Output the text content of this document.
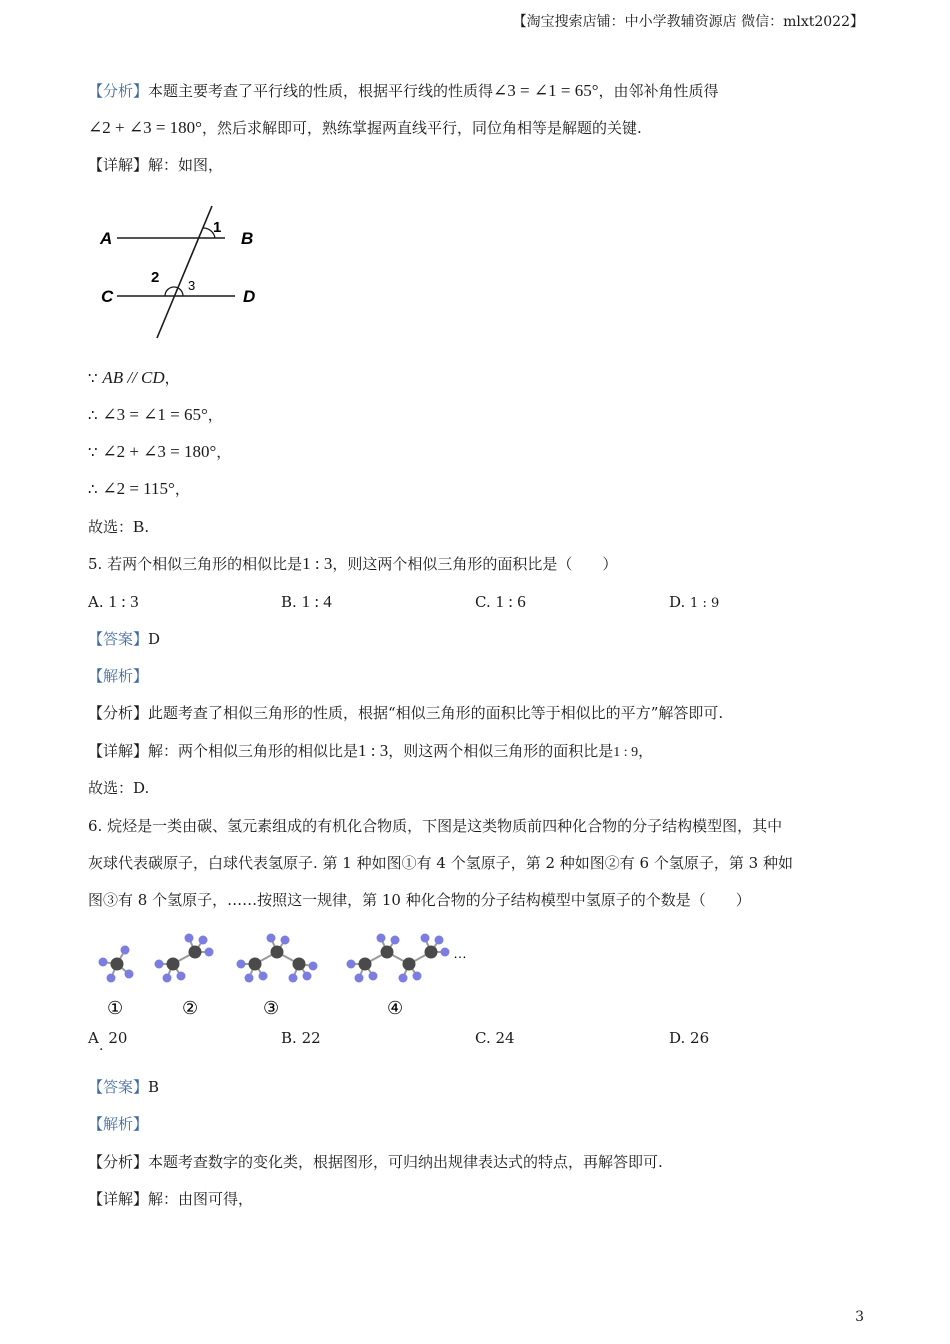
【淘宝搜索店铺：中小学教辅资源店 微信：mlxt2022】
【分析】本题主要考查了平行线的性质，根据平行线的性质得∠3 = ∠1 = 65°，由邻补角性质得
∠2 + ∠3 = 180°，然后求解即可，熟练掌握两直线平行，同位角相等是解题的关键.
【详解】解：如图，
A	B
C	D
1
2 3
∵ AB // CD，
∴ ∠3 = ∠1 = 65°，
∵ ∠2 + ∠3 = 180°，
∴ ∠2 = 115°，
故选：B.
5. 若两个相似三角形的相似比是1 : 3，则这两个相似三角形的面积比是（　　）
A. 1 : 3	B. 1 : 4	C. 1 : 6	D. 1 : 9
【答案】D
【解析】
【分析】此题考查了相似三角形的性质，根据“相似三角形的面积比等于相似比的平方”解答即可.
【详解】解：两个相似三角形的相似比是1 : 3，则这两个相似三角形的面积比是1 : 9，
故选：D.
6. 烷烃是一类由碳、氢元素组成的有机化合物质，下图是这类物质前四种化合物的分子结构模型图，其中
灰球代表碳原子，白球代表氢原子. 第 1 种如图①有 4 个氢原子，第 2 种如图②有 6 个氢原子，第 3 种如
图③有 8 个氢原子，……按照这一规律，第 10 种化合物的分子结构模型中氢原子的个数是（　　）
…
①	②	③	④
A 20
·
B. 22	C. 24	D. 26
【答案】B
【解析】
【分析】本题考查数字的变化类，根据图形，可归纳出规律表达式的特点，再解答即可.
【详解】解：由图可得，
3
